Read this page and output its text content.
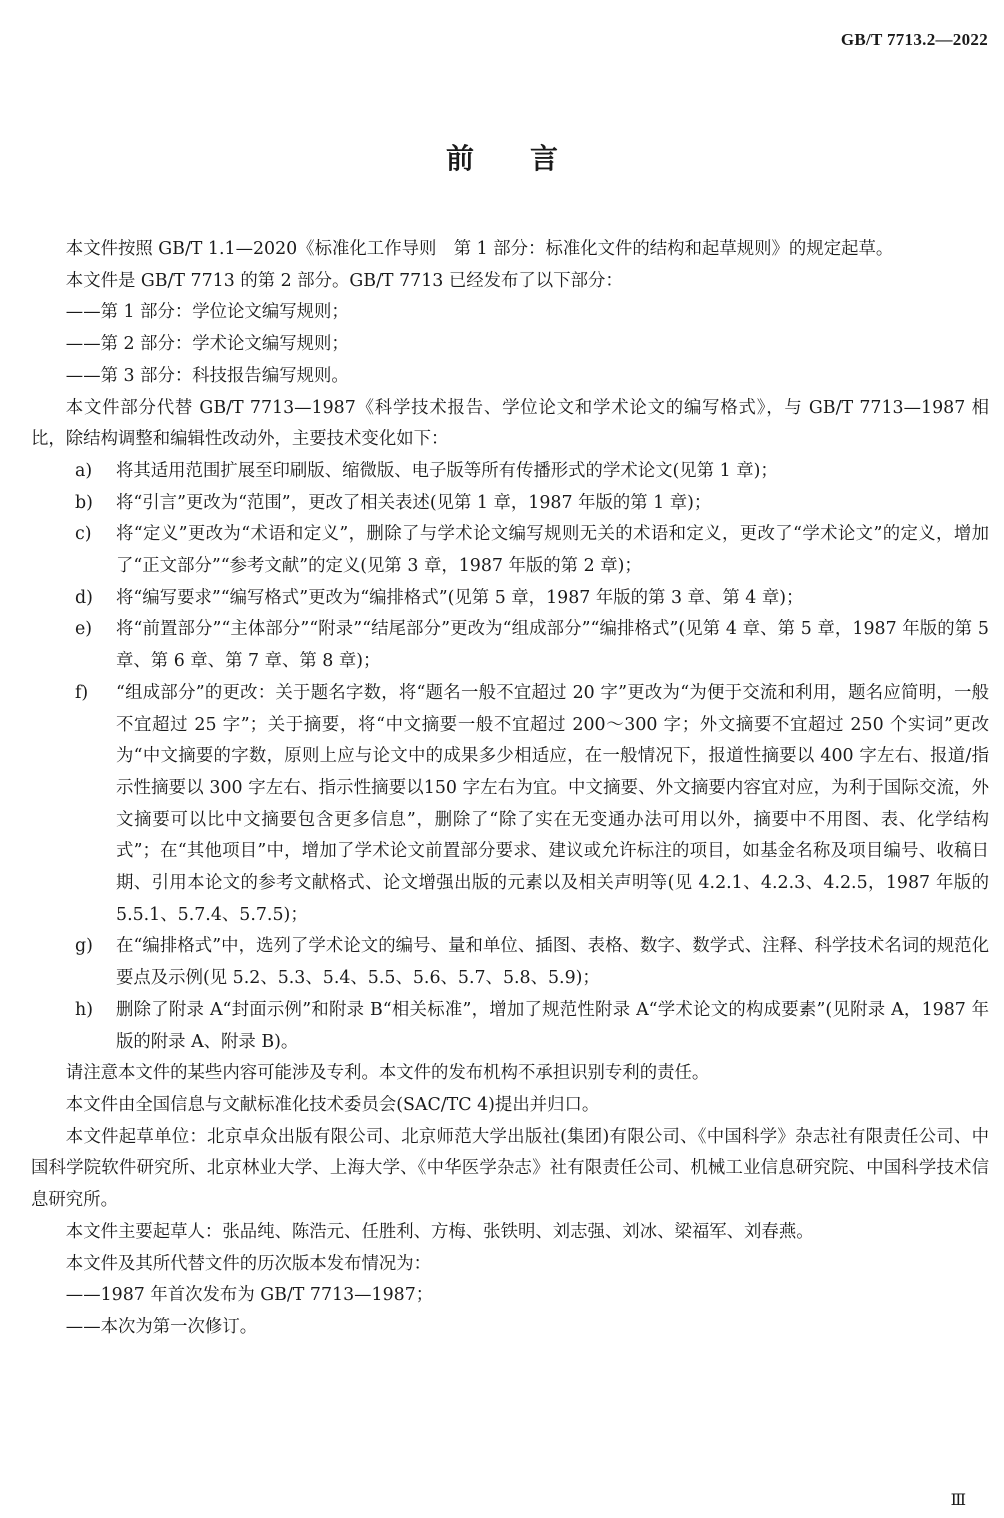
GB/T 7713.2—2022
前　　言

本文件按照 GB/T 1.1—2020《标准化工作导则　第 1 部分：标准化文件的结构和起草规则》的规定起草。

本文件是 GB/T 7713 的第 2 部分。GB/T 7713 已经发布了以下部分：

——第 1 部分：学位论文编写规则；

——第 2 部分：学术论文编写规则；

——第 3 部分：科技报告编写规则。

本文件部分代替 GB/T 7713—1987《科学技术报告、学位论文和学术论文的编写格式》，与 GB/T 7713—1987 相比，除结构调整和编辑性改动外，主要技术变化如下：

a) 将其适用范围扩展至印刷版、缩微版、电子版等所有传播形式的学术论文(见第 1 章)；
b) 将“引言”更改为“范围”，更改了相关表述(见第 1 章，1987 年版的第 1 章)；
c) 将“定义”更改为“术语和定义”，删除了与学术论文编写规则无关的术语和定义，更改了“学术论文”的定义，增加了“正文部分”“参考文献”的定义(见第 3 章，1987 年版的第 2 章)；
d) 将“编写要求”“编写格式”更改为“编排格式”(见第 5 章，1987 年版的第 3 章、第 4 章)；
e) 将“前置部分”“主体部分”“附录”“结尾部分”更改为“组成部分”“编排格式”(见第 4 章、第 5 章，1987 年版的第 5 章、第 6 章、第 7 章、第 8 章)；
f) “组成部分”的更改：关于题名字数，将“题名一般不宜超过 20 字”更改为“为便于交流和利用，题名应简明，一般不宜超过 25 字”；关于摘要，将“中文摘要一般不宜超过 200～300 字；外文摘要不宜超过 250 个实词”更改为“中文摘要的字数，原则上应与论文中的成果多少相适应，在一般情况下，报道性摘要以 400 字左右、报道/指示性摘要以 300 字左右、指示性摘要以150 字左右为宜。中文摘要、外文摘要内容宜对应，为利于国际交流，外文摘要可以比中文摘要包含更多信息”，删除了“除了实在无变通办法可用以外，摘要中不用图、表、化学结构式”；在“其他项目”中，增加了学术论文前置部分要求、建议或允许标注的项目，如基金名称及项目编号、收稿日期、引用本论文的参考文献格式、论文增强出版的元素以及相关声明等(见 4.2.1、4.2.3、4.2.5，1987 年版的 5.5.1、5.7.4、5.7.5)；
g) 在“编排格式”中，选列了学术论文的编号、量和单位、插图、表格、数字、数学式、注释、科学技术名词的规范化要点及示例(见 5.2、5.3、5.4、5.5、5.6、5.7、5.8、5.9)；
h) 删除了附录 A“封面示例”和附录 B“相关标准”，增加了规范性附录 A“学术论文的构成要素”(见附录 A，1987 年版的附录 A、附录 B)。

请注意本文件的某些内容可能涉及专利。本文件的发布机构不承担识别专利的责任。

本文件由全国信息与文献标准化技术委员会(SAC/TC 4)提出并归口。

本文件起草单位：北京卓众出版有限公司、北京师范大学出版社(集团)有限公司、《中国科学》杂志社有限责任公司、中国科学院软件研究所、北京林业大学、上海大学、《中华医学杂志》社有限责任公司、机械工业信息研究院、中国科学技术信息研究所。

本文件主要起草人：张品纯、陈浩元、任胜利、方梅、张铁明、刘志强、刘冰、梁福军、刘春燕。

本文件及其所代替文件的历次版本发布情况为：

——1987 年首次发布为 GB/T 7713—1987；

——本次为第一次修订。

Ⅲ
